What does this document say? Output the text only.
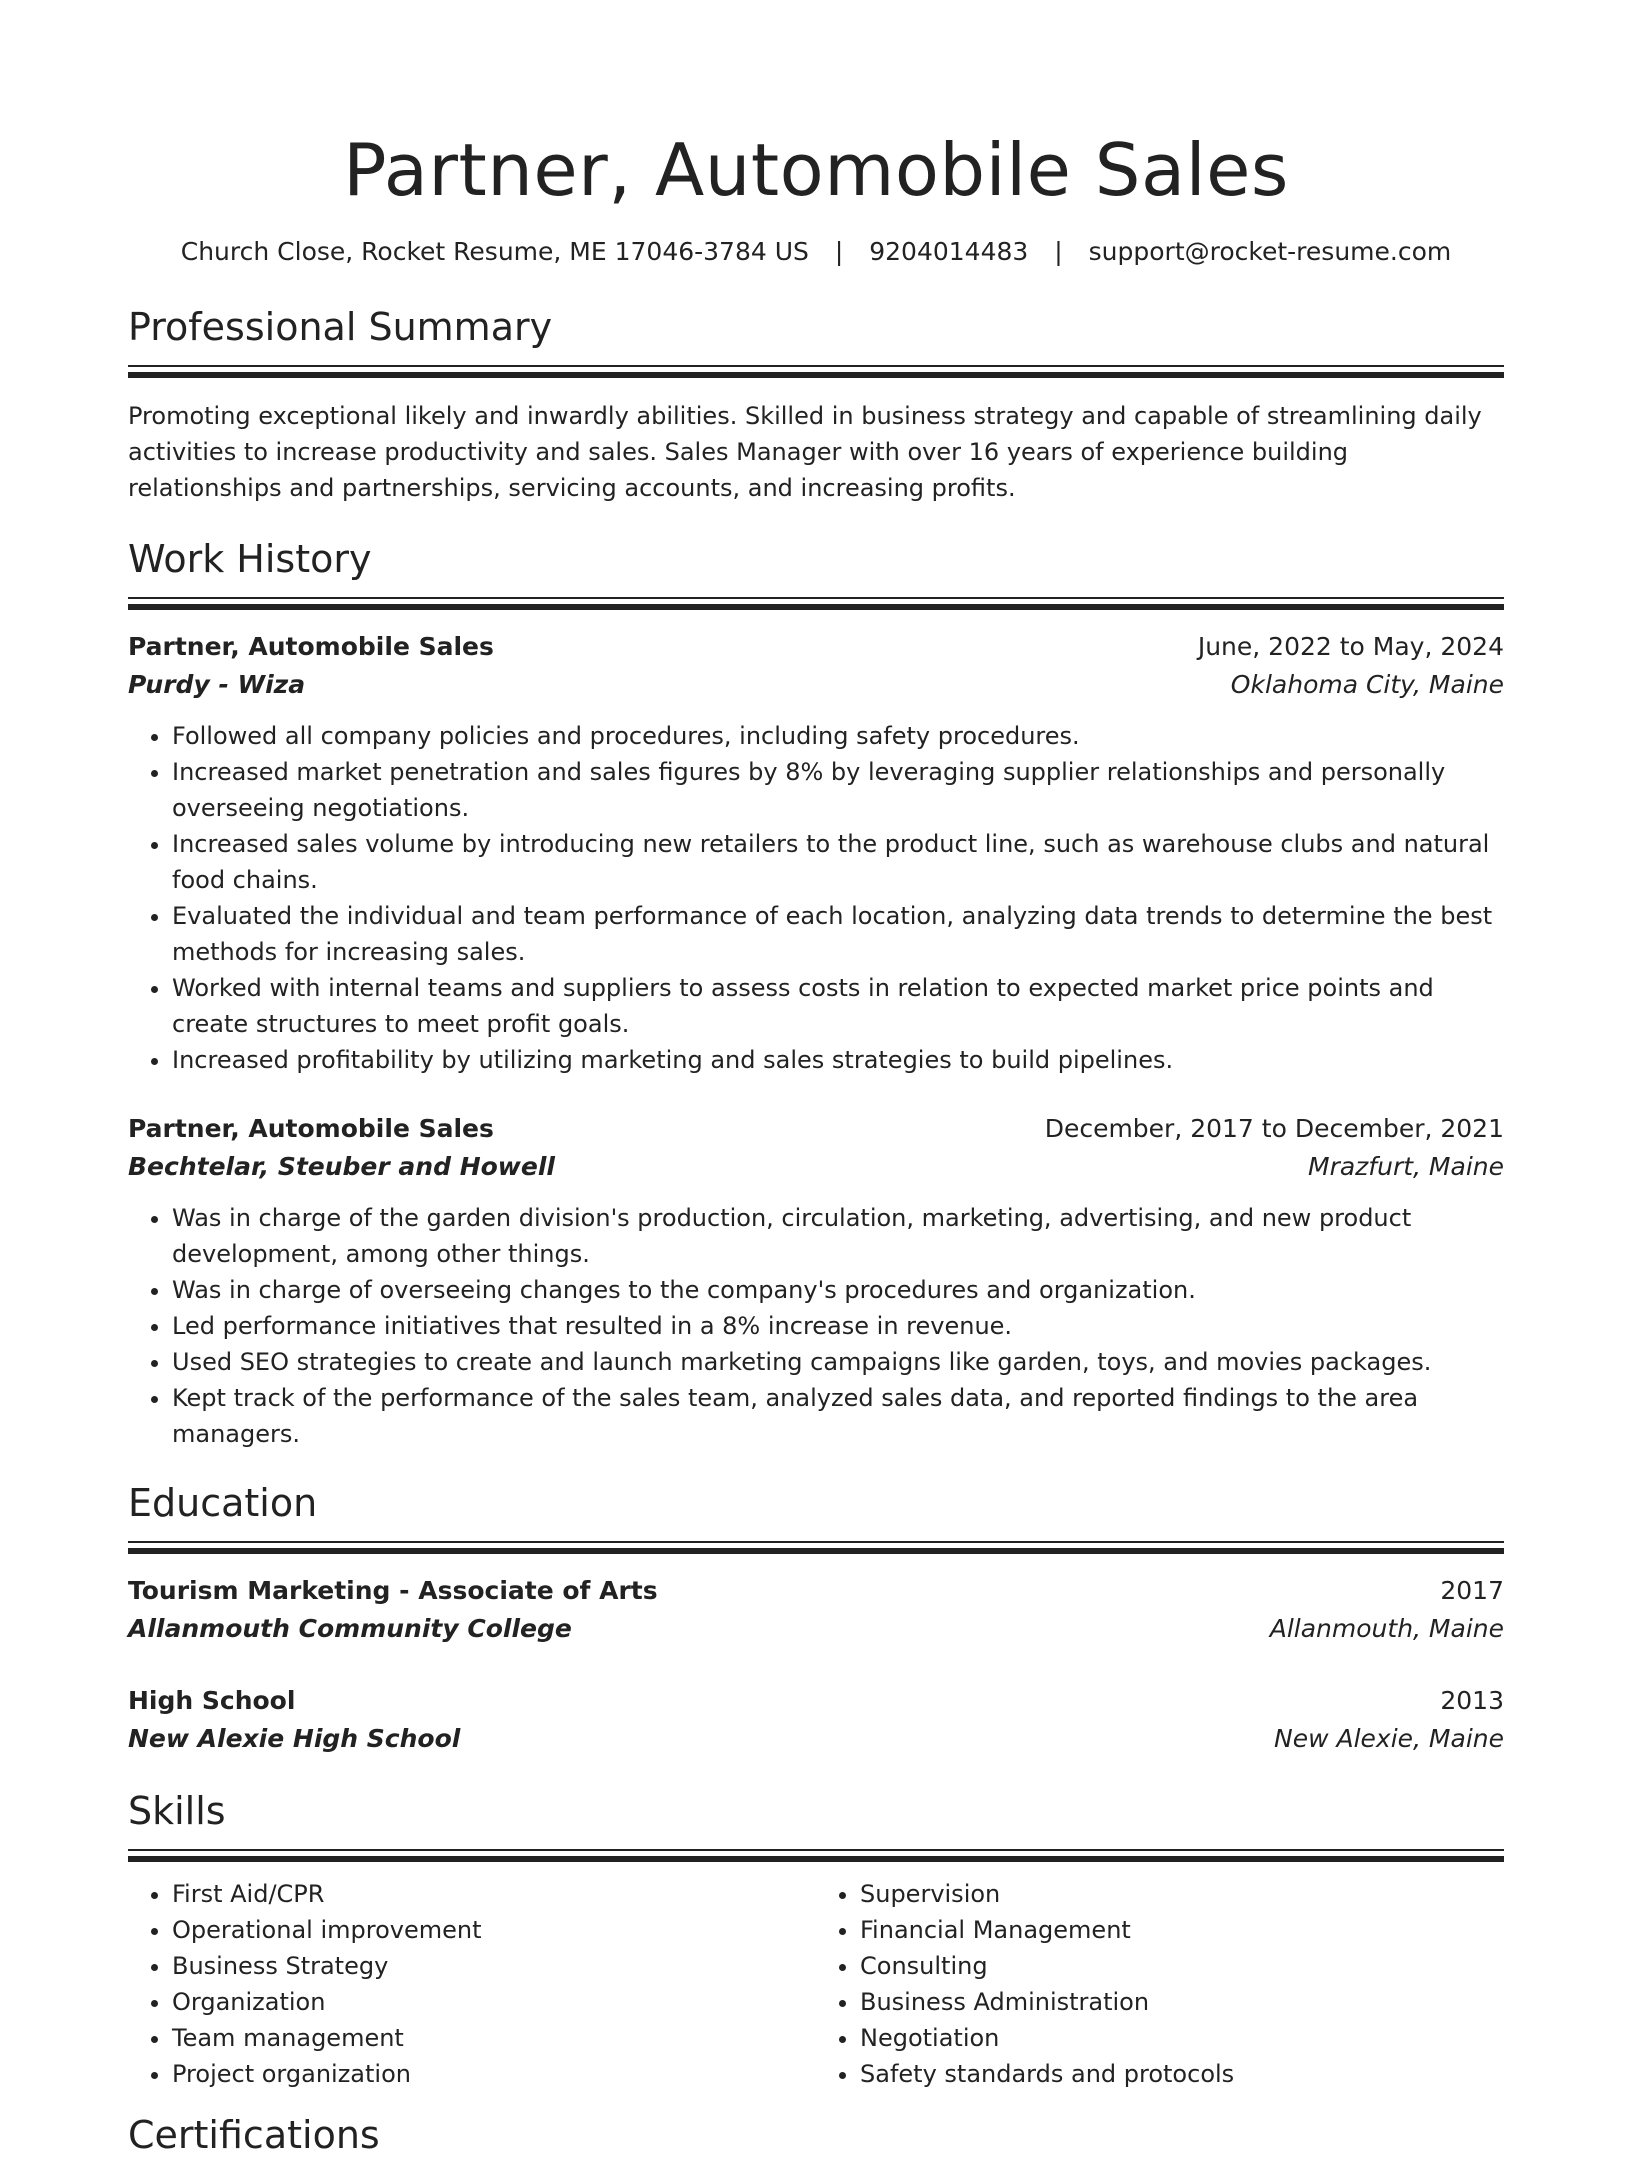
Partner, Automobile Sales
Church Close, Rocket Resume, ME 17046-3784 US | 9204014483 | support@rocket-resume.com
Professional Summary
Promoting exceptional likely and inwardly abilities. Skilled in business strategy and capable of streamlining daily activities to increase productivity and sales. Sales Manager with over 16 years of experience building relationships and partnerships, servicing accounts, and increasing profits.
Work History
Partner, Automobile Sales	June, 2022 to May, 2024
Purdy - Wiza	Oklahoma City, Maine
• Followed all company policies and procedures, including safety procedures.
• Increased market penetration and sales figures by 8% by leveraging supplier relationships and personally overseeing negotiations.
• Increased sales volume by introducing new retailers to the product line, such as warehouse clubs and natural food chains.
• Evaluated the individual and team performance of each location, analyzing data trends to determine the best methods for increasing sales.
• Worked with internal teams and suppliers to assess costs in relation to expected market price points and create structures to meet profit goals.
• Increased profitability by utilizing marketing and sales strategies to build pipelines.
Partner, Automobile Sales	December, 2017 to December, 2021
Bechtelar, Steuber and Howell	Mrazfurt, Maine
• Was in charge of the garden division's production, circulation, marketing, advertising, and new product development, among other things.
• Was in charge of overseeing changes to the company's procedures and organization.
• Led performance initiatives that resulted in a 8% increase in revenue.
• Used SEO strategies to create and launch marketing campaigns like garden, toys, and movies packages.
• Kept track of the performance of the sales team, analyzed sales data, and reported findings to the area managers.
Education
Tourism Marketing - Associate of Arts	2017
Allanmouth Community College	Allanmouth, Maine
High School	2013
New Alexie High School	New Alexie, Maine
Skills
• First Aid/CPR
• Operational improvement
• Business Strategy
• Organization
• Team management
• Project organization
• Supervision
• Financial Management
• Consulting
• Business Administration
• Negotiation
• Safety standards and protocols
Certifications
